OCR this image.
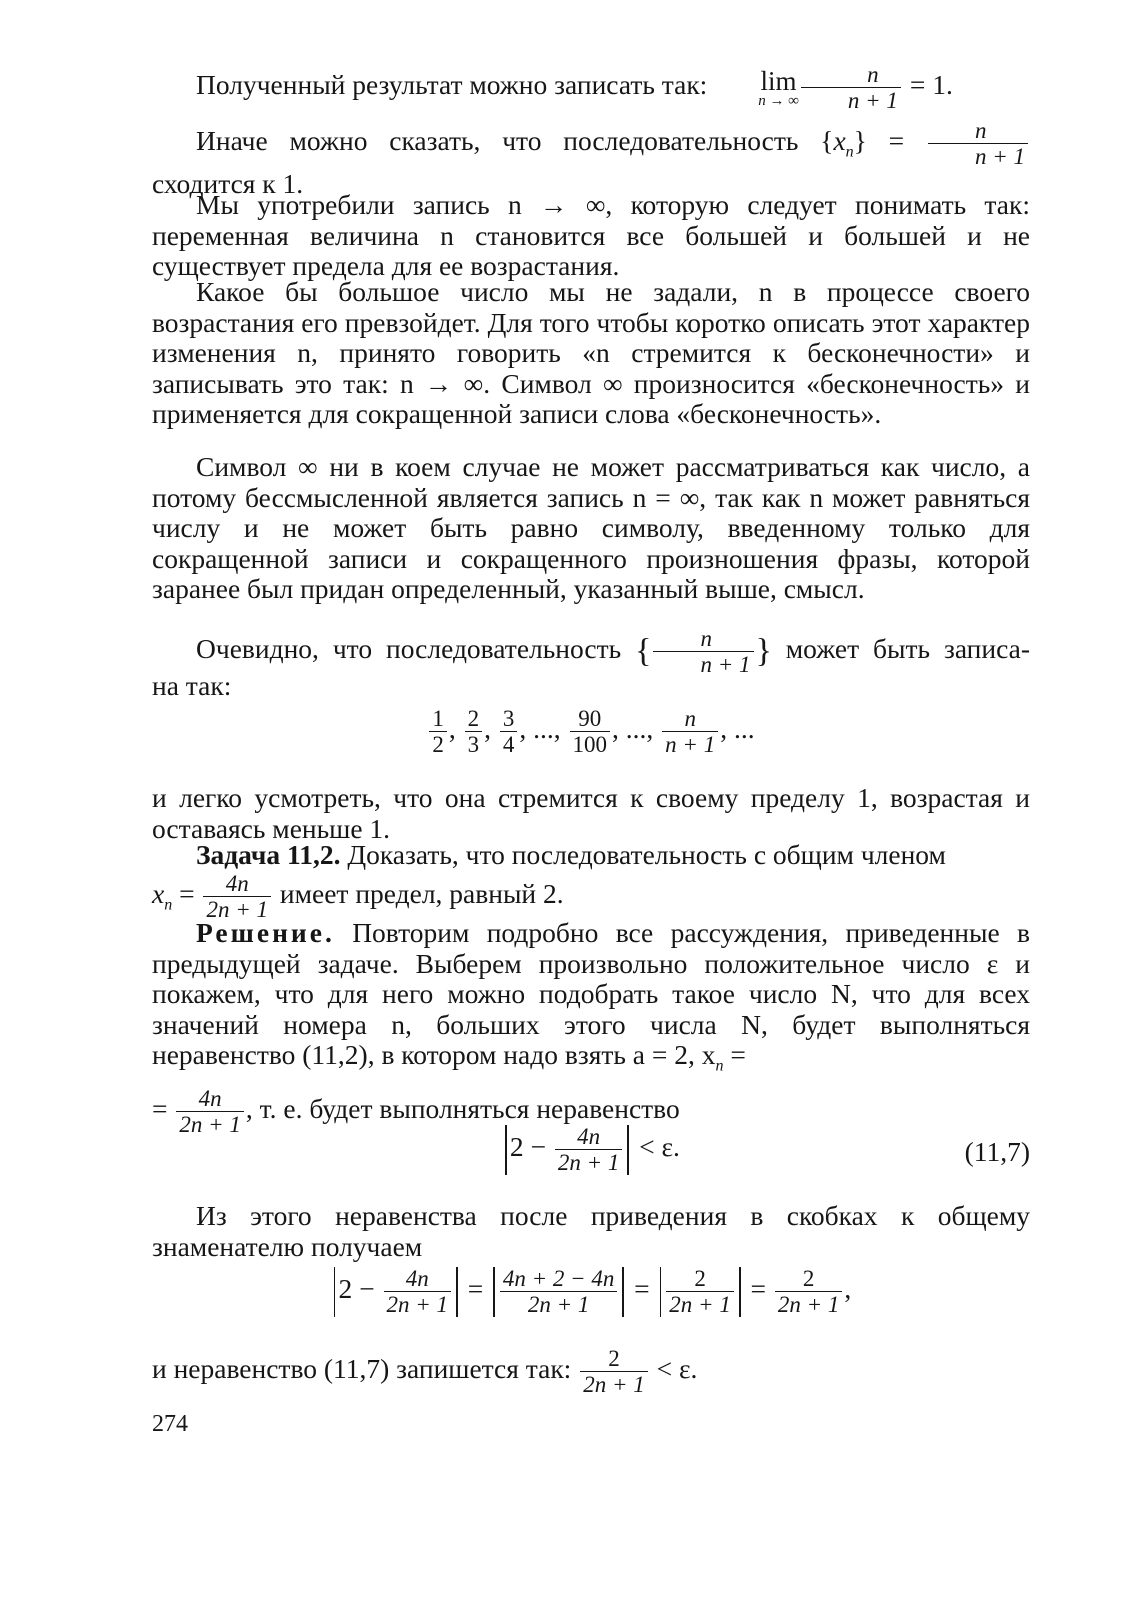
Полученный результат можно записать так:	lim
n → ∞ $\frac{n}{n + 1} = 1$.
Иначе можно сказать, что последовательность $\{x_n\} = \frac{n}{n + 1}$
сходится к 1.
Мы употребили запись n → ∞, которую следует понимать так: переменная величина n становится все большей и большей и не существует предела для ее возрастания.
Какое бы большое число мы не задали, n в процессе своего возрастания его превзойдет. Для того чтобы коротко описать этот характер изменения n, принято говорить «n стремится к бесконечности» и записывать это так: n → ∞. Символ ∞ произносится «бесконечность» и применяется для сокращенной записи слова «бесконечность».
Символ ∞ ни в коем случае не может рассматриваться как число, а потому бессмысленной является запись n = ∞, так как n может равняться числу и не может быть равно символу, введенному только для сокращенной записи и сокращенного произношения фразы, которой заранее был придан определенный, указанный выше, смысл.
Очевидно, что последовательность { $\frac{n}{n + 1}$ } может быть записа-
на так:
$\frac{1}{2}$ , $\frac{2}{3}$ , $\frac{3}{4}$ , ..., $\frac{90}{100}$ , ..., $\frac{n}{n + 1}$ , ...
и легко усмотреть, что она стремится к своему пределу 1, возрастая и оставаясь меньше 1.
Задача 11,2. Доказать, что последовательность с общим членом
$x_n = \frac{4n}{2n + 1}$ имеет предел, равный 2.
Решение. Повторим подробно все рассуждения, приведенные в предыдущей задаче. Выберем произвольно положительное число ε и покажем, что для него можно подобрать такое число N, что для всех значений номера n, больших этого числа N, будет выполняться неравенство (11,2), в котором надо взять a = 2, $x_n$ =
= $\frac{4n}{2n + 1}$ , т. е. будет выполняться неравенство
$2 - \frac{4n}{2n + 1} < \varepsilon$.	(11,7)
Из этого неравенства после приведения в скобках к общему знаменателю получаем
$2 - \frac{4n}{2n + 1} = \frac{4n + 2 - 4n}{2n + 1} = \frac{2}{2n + 1} = \frac{2}{2n + 1}$ ,
и неравенство (11,7) запишется так: $\frac{2}{2n + 1} < \varepsilon$.
274
